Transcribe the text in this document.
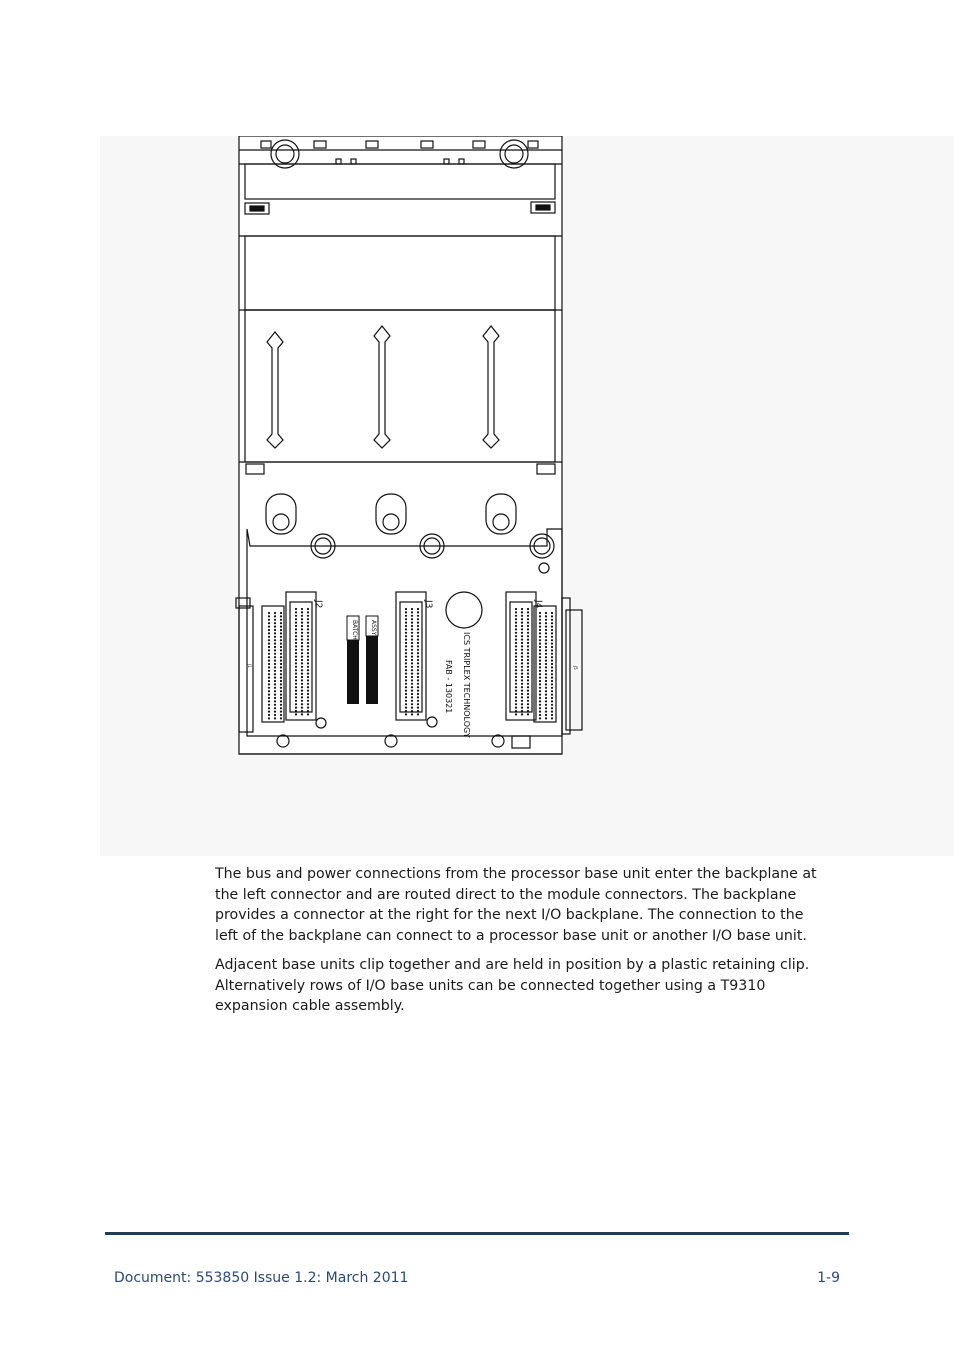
BATCH ASSY
J2	J3	J4
J1
J5
ICS TRIPLEX TECHNOLOGY
FAB - 130321

The bus and power connections from the processor base unit enter the backplane at the left connector and are routed direct to the module connectors. The backplane provides a connector at the right for the next I/O backplane. The connection to the left of the backplane can connect to a processor base unit or another I/O base unit.

Adjacent base units clip together and are held in position by a plastic retaining clip. Alternatively rows of I/O base units can be connected together using a T9310 expansion cable assembly.

Document: 553850 Issue 1.2: March 2011	1-9
